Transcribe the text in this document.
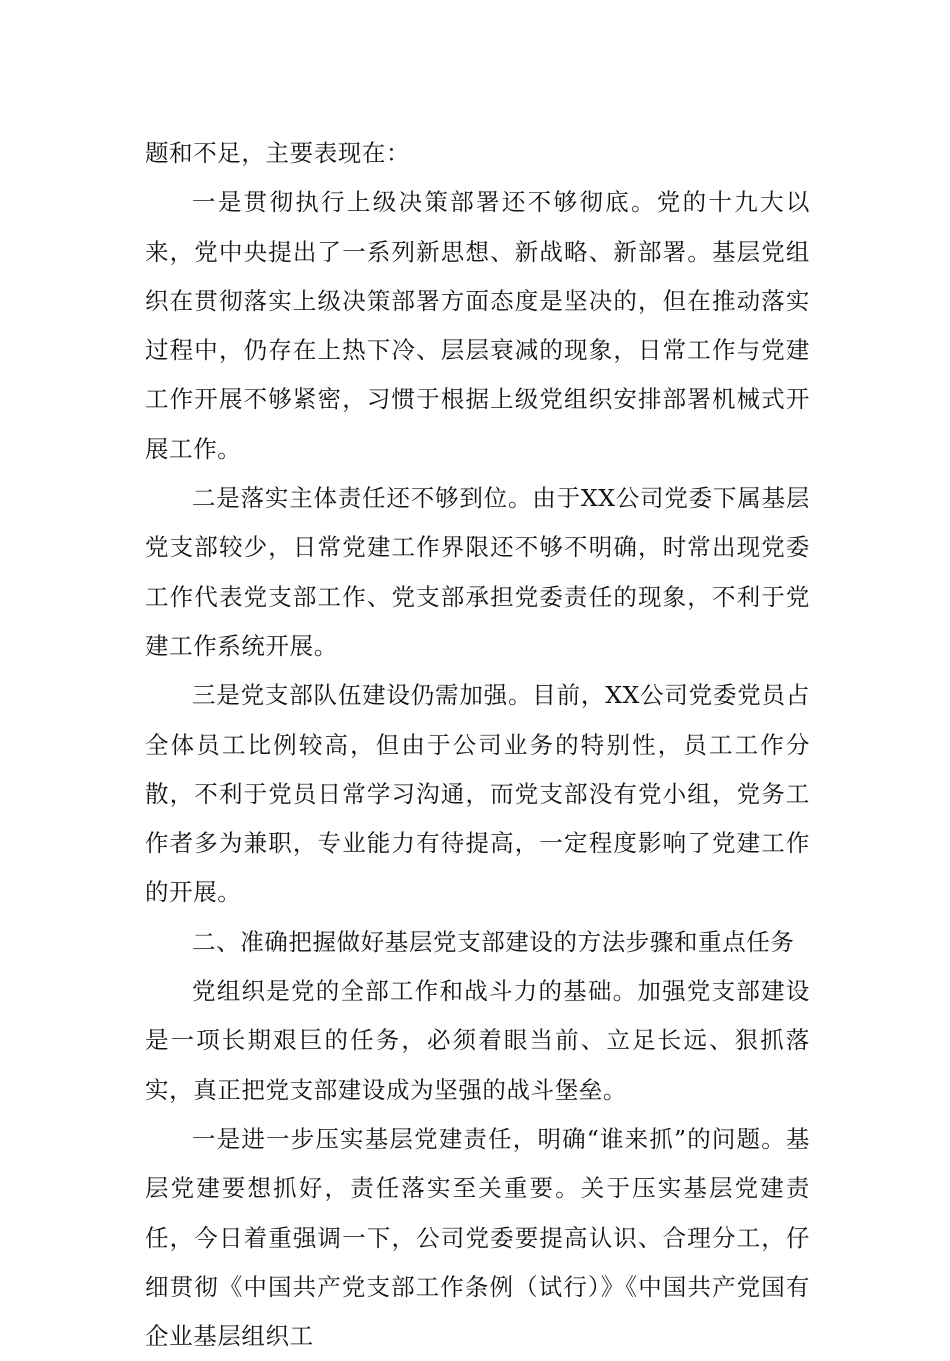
题和不足，主要表现在：

一是贯彻执行上级决策部署还不够彻底。党的十九大以来，党中央提出了一系列新思想、新战略、新部署。基层党组织在贯彻落实上级决策部署方面态度是坚决的，但在推动落实过程中，仍存在上热下冷、层层衰减的现象，日常工作与党建工作开展不够紧密，习惯于根据上级党组织安排部署机械式开展工作。

二是落实主体责任还不够到位。由于XX公司党委下属基层党支部较少，日常党建工作界限还不够不明确，时常出现党委工作代表党支部工作、党支部承担党委责任的现象，不利于党建工作系统开展。

三是党支部队伍建设仍需加强。目前，XX公司党委党员占全体员工比例较高，但由于公司业务的特别性，员工工作分散，不利于党员日常学习沟通，而党支部没有党小组，党务工作者多为兼职，专业能力有待提高，一定程度影响了党建工作的开展。

二、准确把握做好基层党支部建设的方法步骤和重点任务

党组织是党的全部工作和战斗力的基础。加强党支部建设是一项长期艰巨的任务，必须着眼当前、立足长远、狠抓落实，真正把党支部建设成为坚强的战斗堡垒。

一是进一步压实基层党建责任，明确“谁来抓”的问题。基层党建要想抓好，责任落实至关重要。关于压实基层党建责任，今日着重强调一下，公司党委要提高认识、合理分工，仔细贯彻《中国共产党支部工作条例（试行）》《中国共产党国有企业基层组织工
